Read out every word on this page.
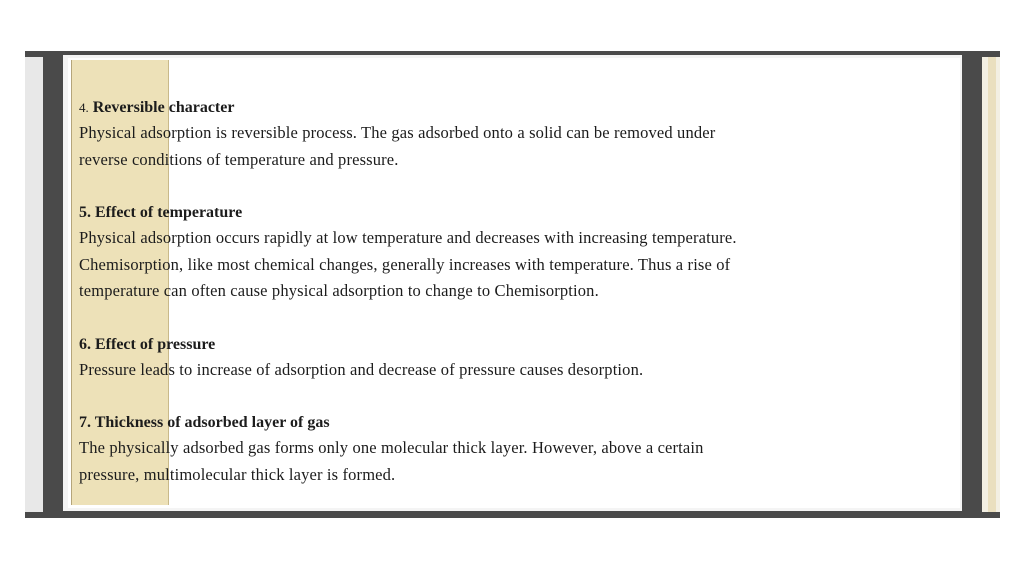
4. Reversible character
Physical adsorption is reversible process. The gas adsorbed onto a solid can be removed under
reverse conditions of temperature and pressure.
5. Effect of temperature
Physical adsorption occurs rapidly at low temperature and decreases with increasing temperature.
Chemisorption, like most chemical changes, generally increases with temperature. Thus a rise of
temperature can often cause physical adsorption to change to Chemisorption.
6. Effect of pressure
Pressure leads to increase of adsorption and decrease of pressure causes desorption.
7. Thickness of adsorbed layer of gas
The physically adsorbed gas forms only one molecular thick layer. However, above a certain
pressure, multimolecular thick layer is formed.
